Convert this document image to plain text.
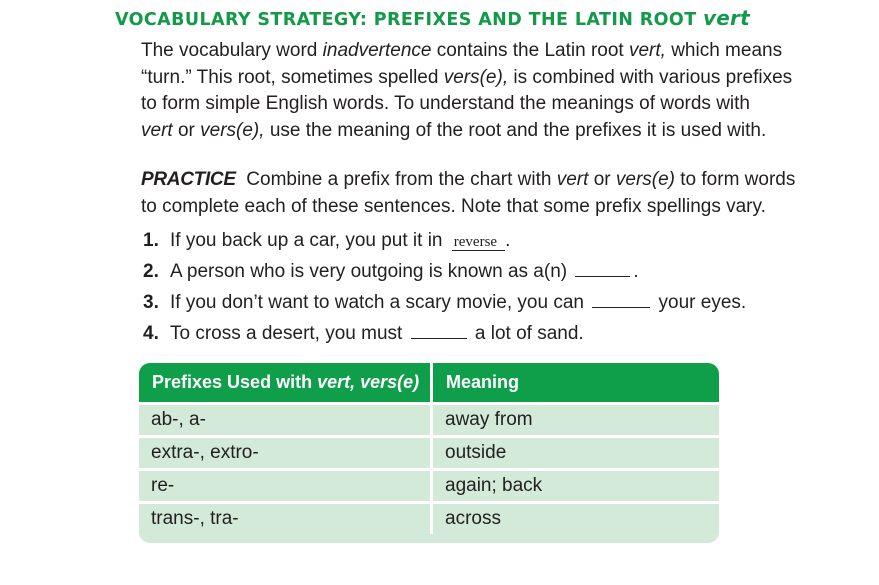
VOCABULARY STRATEGY: PREFIXES AND THE LATIN ROOT vert
The vocabulary word inadvertence contains the Latin root vert, which means
“turn.” This root, sometimes spelled vers(e), is combined with various prefixes
to form simple English words. To understand the meanings of words with
vert or vers(e), use the meaning of the root and the prefixes it is used with.
PRACTICE  Combine a prefix from the chart with vert or vers(e) to form words
to complete each of these sentences. Note that some prefix spellings vary.
1. If you back up a car, you put it in reverse .
2. A person who is very outgoing is known as a(n)	.
3. If you don’t want to watch a scary movie, you can	your eyes.
4. To cross a desert, you must	a lot of sand.
Prefixes Used with vert, vers(e)	Meaning
ab-, a-	away from
extra-, extro-	outside
re-	again; back
trans-, tra-	across
